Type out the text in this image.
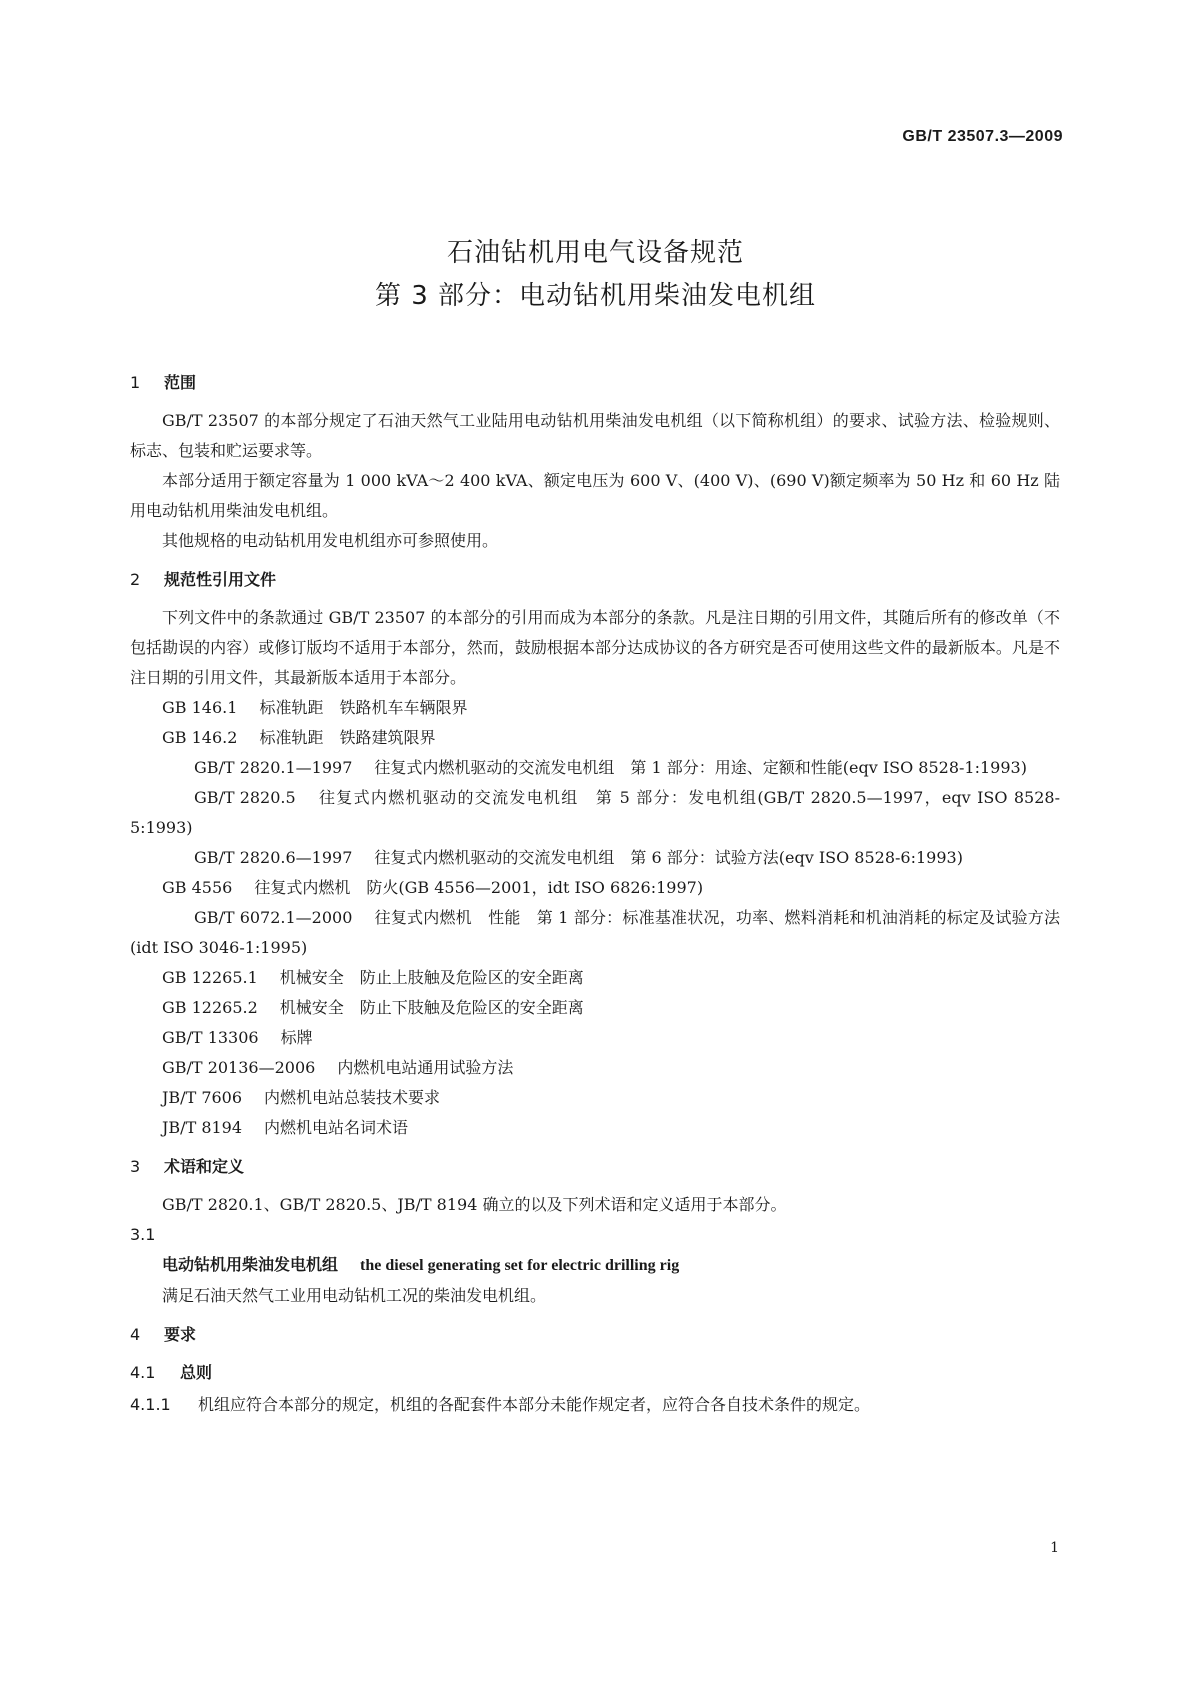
GB/T 23507.3—2009

石油钻机用电气设备规范
第 3 部分：电动钻机用柴油发电机组

1 范围

GB/T 23507 的本部分规定了石油天然气工业陆用电动钻机用柴油发电机组（以下简称机组）的要求、试验方法、检验规则、标志、包装和贮运要求等。

本部分适用于额定容量为 1 000 kVA～2 400 kVA、额定电压为 600 V、(400 V)、(690 V)额定频率为 50 Hz 和 60 Hz 陆用电动钻机用柴油发电机组。

其他规格的电动钻机用发电机组亦可参照使用。

2 规范性引用文件

下列文件中的条款通过 GB/T 23507 的本部分的引用而成为本部分的条款。凡是注日期的引用文件，其随后所有的修改单（不包括勘误的内容）或修订版均不适用于本部分，然而，鼓励根据本部分达成协议的各方研究是否可使用这些文件的最新版本。凡是不注日期的引用文件，其最新版本适用于本部分。

GB 146.1 标准轨距　铁路机车车辆限界

GB 146.2 标准轨距　铁路建筑限界

GB/T 2820.1—1997 往复式内燃机驱动的交流发电机组　第 1 部分：用途、定额和性能(eqv ISO 8528-1:1993)

GB/T 2820.5 往复式内燃机驱动的交流发电机组　第 5 部分：发电机组(GB/T 2820.5—1997，eqv ISO 8528-5:1993)

GB/T 2820.6—1997 往复式内燃机驱动的交流发电机组　第 6 部分：试验方法(eqv ISO 8528-6:1993)

GB 4556 往复式内燃机　防火(GB 4556—2001，idt ISO 6826:1997)

GB/T 6072.1—2000 往复式内燃机　性能　第 1 部分：标准基准状况，功率、燃料消耗和机油消耗的标定及试验方法(idt ISO 3046-1:1995)

GB 12265.1 机械安全　防止上肢触及危险区的安全距离

GB 12265.2 机械安全　防止下肢触及危险区的安全距离

GB/T 13306 标牌

GB/T 20136—2006 内燃机电站通用试验方法

JB/T 7606 内燃机电站总装技术要求

JB/T 8194 内燃机电站名词术语

3 术语和定义

GB/T 2820.1、GB/T 2820.5、JB/T 8194 确立的以及下列术语和定义适用于本部分。

3.1

电动钻机用柴油发电机组 the diesel generating set for electric drilling rig

满足石油天然气工业用电动钻机工况的柴油发电机组。

4 要求

4.1 总则

4.1.1 机组应符合本部分的规定，机组的各配套件本部分未能作规定者，应符合各自技术条件的规定。

1
